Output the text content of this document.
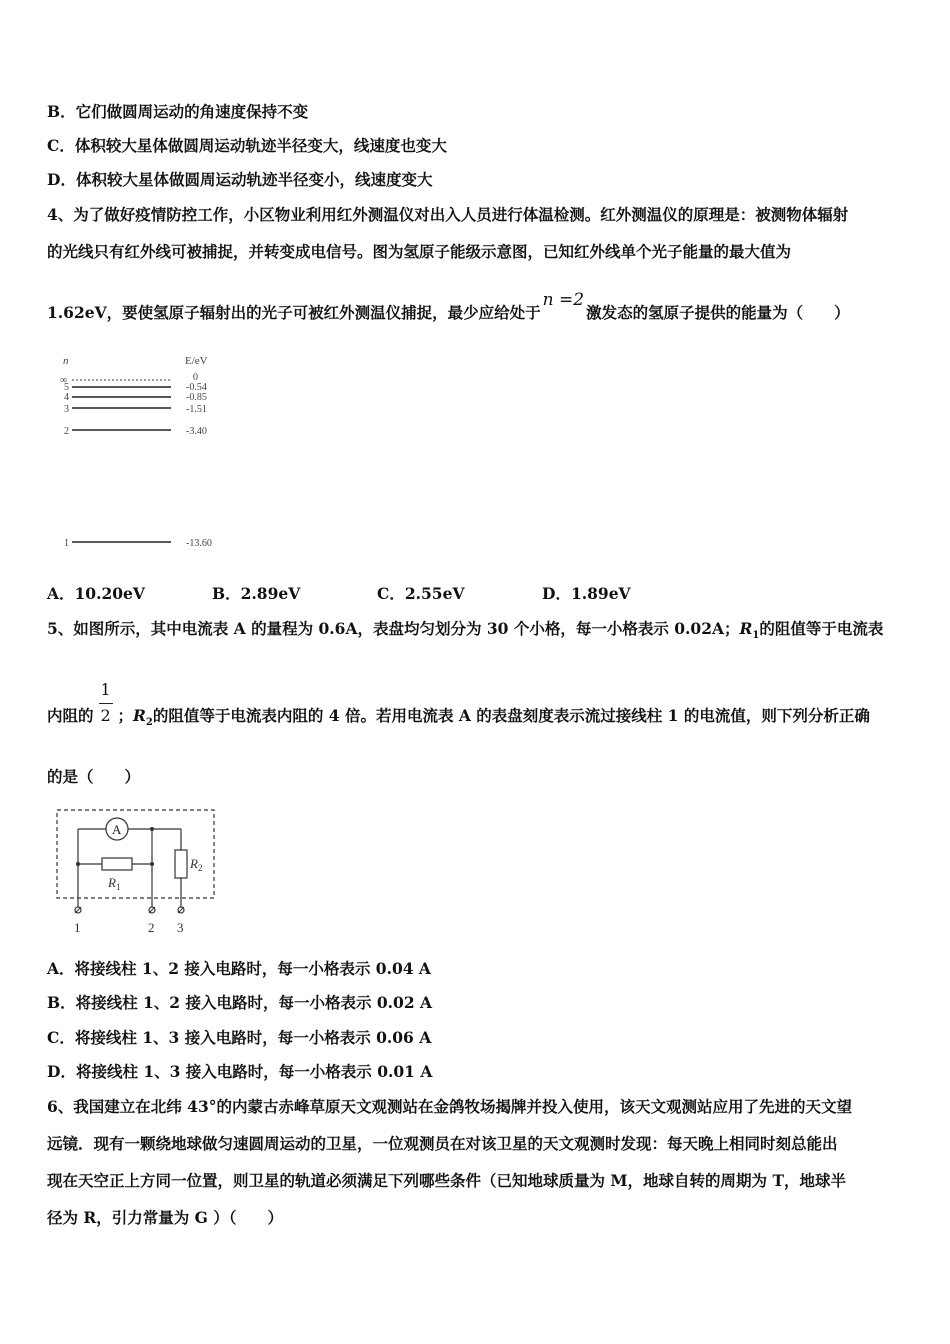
B．它们做圆周运动的角速度保持不变
C．体积较大星体做圆周运动轨迹半径变大，线速度也变大
D．体积较大星体做圆周运动轨迹半径变小，线速度变大
4、为了做好疫情防控工作，小区物业利用红外测温仪对出入人员进行体温检测。红外测温仪的原理是：被测物体辐射
的光线只有红外线可被捕捉，并转变成电信号。图为氢原子能级示意图，已知红外线单个光子能量的最大值为
1.62eV，要使氢原子辐射出的光子可被红外测温仪捕捉，最少应给处于n =2激发态的氢原子提供的能量为（　　）
n	E/eV
∞	0
5	-0.54
4	-0.85
3	-1.51
2	-3.40
1	-13.60
A．10.20eV	B．2.89eV	C．2.55eV	D．1.89eV
5、如图所示，其中电流表 A 的量程为 0.6A，表盘均匀划分为 30 个小格，每一小格表示 0.02A；$R_1$的阻值等于电流表
内阻的 $\frac{1}{2}$ ；$R_2$的阻值等于电流表内阻的 4 倍。若用电流表 A 的表盘刻度表示流过接线柱 1 的电流值，则下列分析正确
的是（　　）
A
$R_1$
$R_2$
1	2 3
A．将接线柱 1、2 接入电路时，每一小格表示 0.04 A
B．将接线柱 1、2 接入电路时，每一小格表示 0.02 A
C．将接线柱 1、3 接入电路时，每一小格表示 0.06 A
D．将接线柱 1、3 接入电路时，每一小格表示 0.01 A
6、我国建立在北纬 43°的内蒙古赤峰草原天文观测站在金鸽牧场揭牌并投入使用，该天文观测站应用了先进的天文望
远镜．现有一颗绕地球做匀速圆周运动的卫星，一位观测员在对该卫星的天文观测时发现：每天晚上相同时刻总能出
现在天空正上方同一位置，则卫星的轨道必须满足下列哪些条件（已知地球质量为 M，地球自转的周期为 T，地球半
径为 R，引力常量为 G ）（　　）
